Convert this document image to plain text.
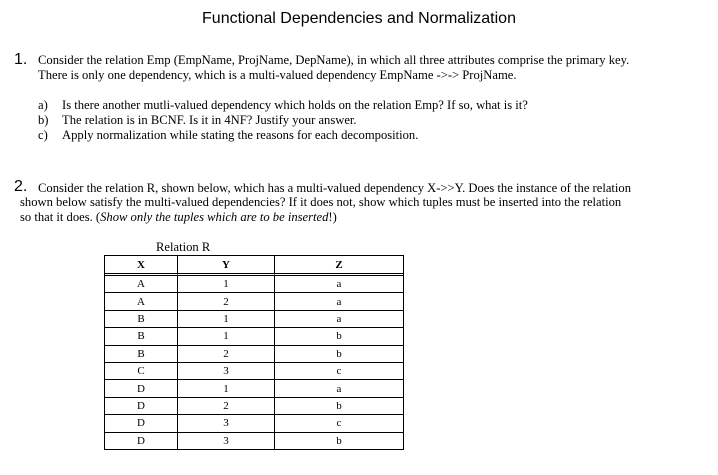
Functional Dependencies and Normalization
1. Consider the relation Emp (EmpName, ProjName, DepName), in which all three attributes comprise the primary key.
There is only one dependency, which is a multi-valued dependency EmpName ->-> ProjName.
a) Is there another mutli-valued dependency which holds on the relation Emp? If so, what is it?
b) The relation is in BCNF. Is it in 4NF? Justify your answer.
c) Apply normalization while stating the reasons for each decomposition.
2. Consider the relation R, shown below, which has a multi-valued dependency X->>Y. Does the instance of the relation
shown below satisfy the multi-valued dependencies? If it does not, show which tuples must be inserted into the relation
so that it does. (Show only the tuples which are to be inserted!)
Relation R
X	Y	Z
A	1	a
A	2	a
B	1	a
B	1	b
B	2	b
C	3	c
D	1	a
D	2	b
D	3	c
D	3	b
